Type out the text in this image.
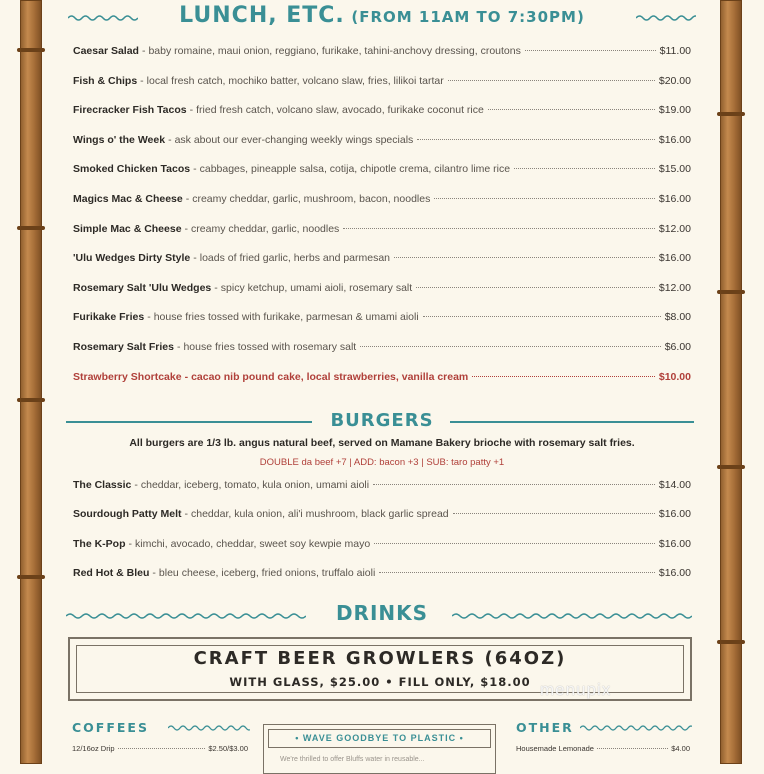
LUNCH, ETC. (FROM 11AM TO 7:30PM)
Caesar Salad - baby romaine, maui onion, reggiano, furikake, tahini-anchovy dressing, croutons	$11.00
Fish & Chips - local fresh catch, mochiko batter, volcano slaw, fries, lilikoi tartar	$20.00
Firecracker Fish Tacos - fried fresh catch, volcano slaw, avocado, furikake coconut rice	$19.00
Wings o' the Week - ask about our ever-changing weekly wings specials	$16.00
Smoked Chicken Tacos - cabbages, pineapple salsa, cotija, chipotle crema, cilantro lime rice	$15.00
Magics Mac & Cheese - creamy cheddar, garlic, mushroom, bacon, noodles	$16.00
Simple Mac & Cheese - creamy cheddar, garlic, noodles	$12.00
'Ulu Wedges Dirty Style - loads of fried garlic, herbs and parmesan	$16.00
Rosemary Salt 'Ulu Wedges - spicy ketchup, umami aioli, rosemary salt	$12.00
Furikake Fries - house fries tossed with furikake, parmesan & umami aioli	$8.00
Rosemary Salt Fries - house fries tossed with rosemary salt	$6.00
Strawberry Shortcake - cacao nib pound cake, local strawberries, vanilla cream	$10.00
BURGERS
All burgers are 1/3 lb. angus natural beef, served on Mamane Bakery brioche with rosemary salt fries.
DOUBLE da beef +7 | ADD: bacon +3 | SUB: taro patty +1
The Classic - cheddar, iceberg, tomato, kula onion, umami aioli	$14.00
Sourdough Patty Melt - cheddar, kula onion, ali'i mushroom, black garlic spread	$16.00
The K-Pop - kimchi, avocado, cheddar, sweet soy kewpie mayo	$16.00
Red Hot & Bleu - bleu cheese, iceberg, fried onions, truffalo aioli	$16.00
DRINKS
CRAFT BEER GROWLERS (64OZ)
WITH GLASS, $25.00 • FILL ONLY, $18.00 menupix
COFFEES
12/16oz Drip	$2.50/$3.00
• WAVE GOODBYE TO PLASTIC •
We're thrilled to offer Bluffs water in reusable...
OTHER
Housemade Lemonade	$4.00
